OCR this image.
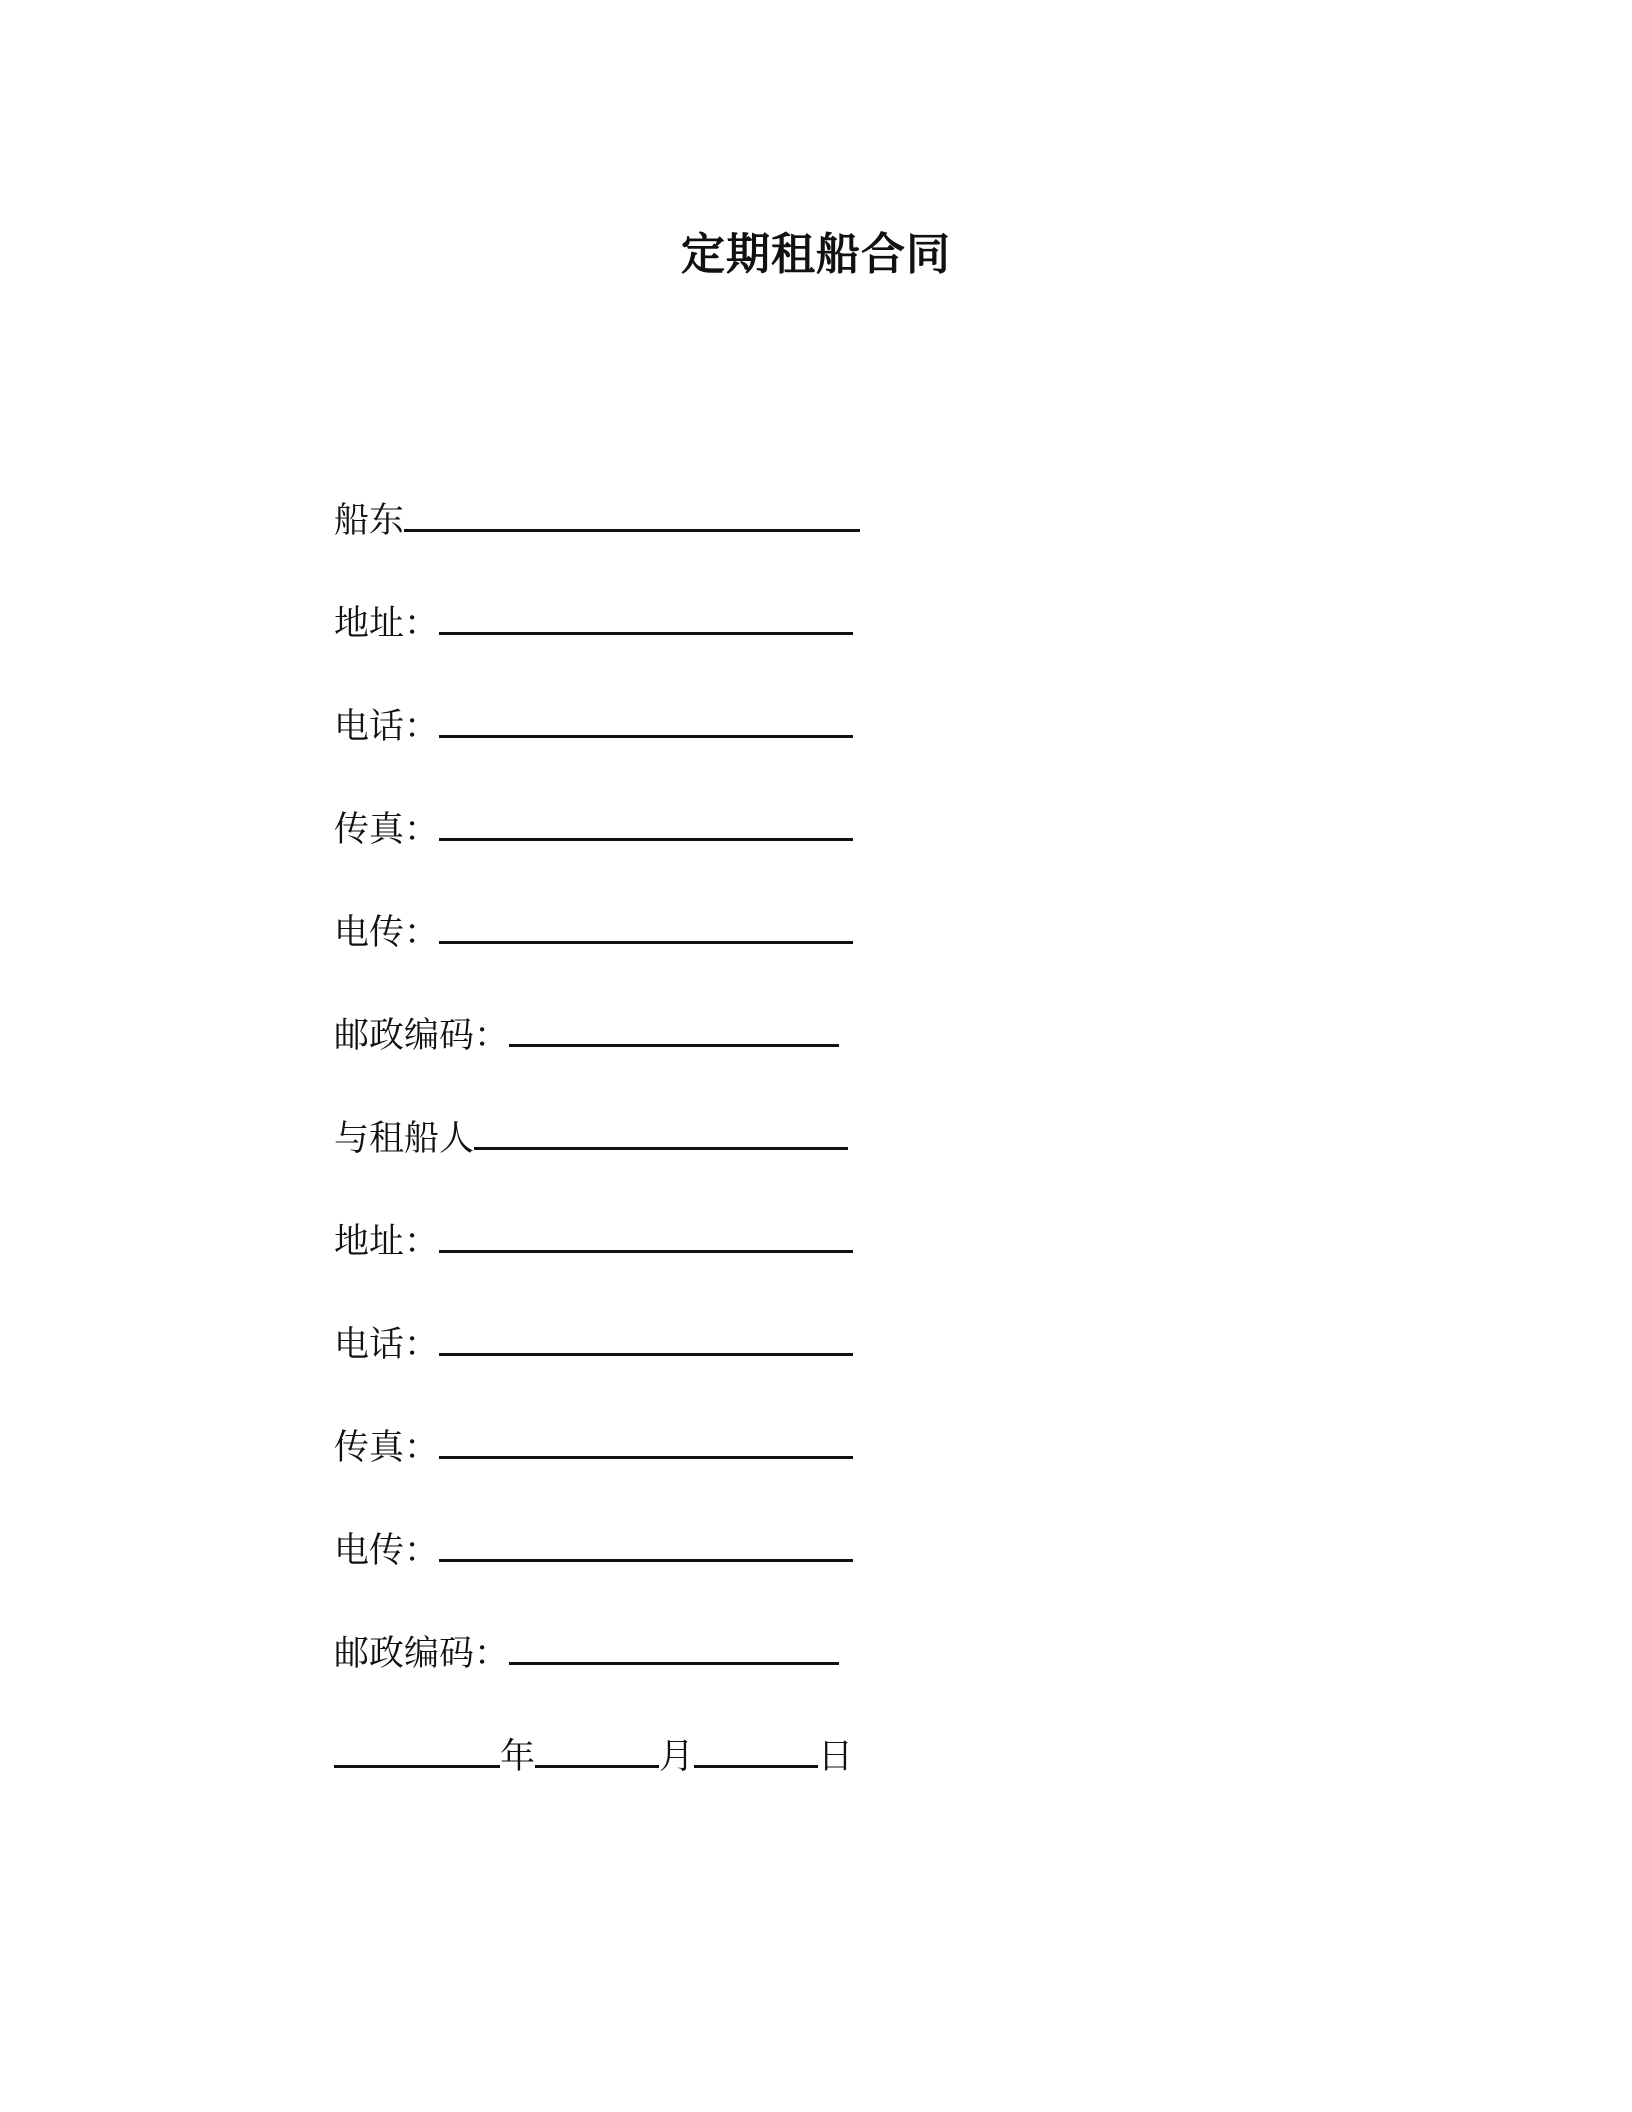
定期租船合同
船东
地址：
电话：
传真：
电传：
邮政编码：
与租船人
地址：
电话：
传真：
电传：
邮政编码：
年	月	日
